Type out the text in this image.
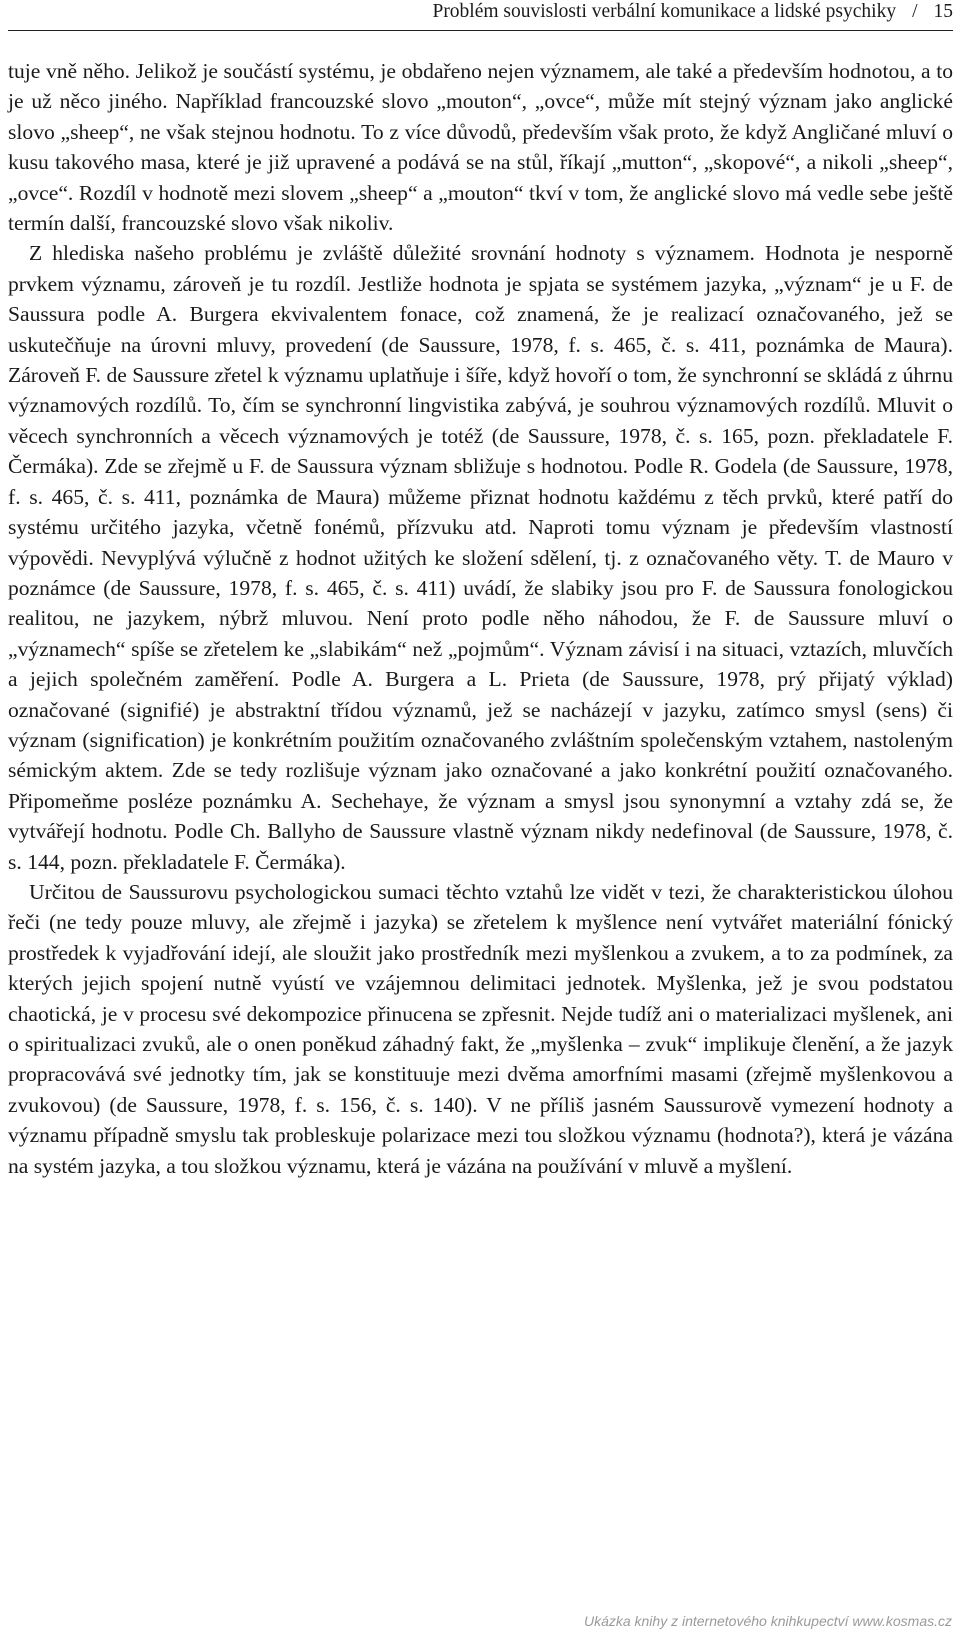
Problém souvislosti verbální komunikace a lidské psychiky / 15

tuje vně něho. Jelikož je součástí systému, je obdařeno nejen významem, ale také a především hodnotou, a to je už něco jiného. Například francouzské slovo „mouton“, „ovce“, může mít stejný význam jako anglické slovo „sheep“, ne však stejnou hodnotu. To z více důvodů, především však proto, že když Angličané mluví o kusu takového masa, které je již upravené a podává se na stůl, říkají „mutton“, „skopové“, a nikoli „sheep“, „ovce“. Rozdíl v hodnotě mezi slovem „sheep“ a „mouton“ tkví v tom, že anglické slovo má vedle sebe ještě termín další, francouzské slovo však nikoliv.

Z hlediska našeho problému je zvláště důležité srovnání hodnoty s významem. Hodnota je nesporně prvkem významu, zároveň je tu rozdíl. Jestliže hodnota je spjata se systémem jazyka, „význam“ je u F. de Saussura podle A. Burgera ekvivalentem fonace, což znamená, že je realizací označovaného, jež se uskutečňuje na úrovni mluvy, provedení (de Saussure, 1978, f. s. 465, č. s. 411, poznámka de Maura). Zároveň F. de Saussure zřetel k významu uplatňuje i šíře, když hovoří o tom, že synchronní se skládá z úhrnu významových rozdílů. To, čím se synchronní lingvistika zabývá, je souhrou významových rozdílů. Mluvit o věcech synchronních a věcech významových je totéž (de Saussure, 1978, č. s. 165, pozn. překladatele F. Čermáka). Zde se zřejmě u F. de Saussura význam sbližuje s hodnotou. Podle R. Godela (de Saussure, 1978, f. s. 465, č. s. 411, poznámka de Maura) můžeme přiznat hodnotu každému z těch prvků, které patří do systému určitého jazyka, včetně fonémů, přízvuku atd. Naproti tomu význam je především vlastností výpovědi. Nevyplývá výlučně z hodnot užitých ke složení sdělení, tj. z označovaného věty. T. de Mauro v poznámce (de Saussure, 1978, f. s. 465, č. s. 411) uvádí, že slabiky jsou pro F. de Saussura fonologickou realitou, ne jazykem, nýbrž mluvou. Není proto podle něho náhodou, že F. de Saussure mluví o „významech“ spíše se zřetelem ke „slabikám“ než „pojmům“. Význam závisí i na situaci, vztazích, mluvčích a jejich společném zaměření. Podle A. Burgera a L. Prieta (de Saussure, 1978, prý přijatý výklad) označované (signifié) je abstraktní třídou významů, jež se nacházejí v jazyku, zatímco smysl (sens) či význam (signification) je konkrétním použitím označovaného zvláštním společenským vztahem, nastoleným sémickým aktem. Zde se tedy rozlišuje význam jako označované a jako konkrétní použití označovaného. Připomeňme posléze poznámku A. Sechehaye, že význam a smysl jsou synonymní a vztahy zdá se, že vytvářejí hodnotu. Podle Ch. Ballyho de Saussure vlastně význam nikdy nedefinoval (de Saussure, 1978, č. s. 144, pozn. překladatele F. Čermáka).

Určitou de Saussurovu psychologickou sumaci těchto vztahů lze vidět v tezi, že charakteristickou úlohou řeči (ne tedy pouze mluvy, ale zřejmě i jazyka) se zřetelem k myšlence není vytvářet materiální fónický prostředek k vyjadřování idejí, ale sloužit jako prostředník mezi myšlenkou a zvukem, a to za podmínek, za kterých jejich spojení nutně vyústí ve vzájemnou delimitaci jednotek. Myšlenka, jež je svou podstatou chaotická, je v procesu své dekompozice přinucena se zpřesnit. Nejde tudíž ani o materializaci myšlenek, ani o spiritualizaci zvuků, ale o onen poněkud záhadný fakt, že „myšlenka – zvuk“ implikuje členění, a že jazyk propracovává své jednotky tím, jak se konstituuje mezi dvěma amorfními masami (zřejmě myšlenkovou a zvukovou) (de Saussure, 1978, f. s. 156, č. s. 140). V ne příliš jasném Saussurově vymezení hodnoty a významu případně smyslu tak probleskuje polarizace mezi tou složkou významu (hodnota?), která je vázána na systém jazyka, a tou složkou významu, která je vázána na používání v mluvě a myšlení.

Ukázka knihy z internetového knihkupectví www.kosmas.cz
